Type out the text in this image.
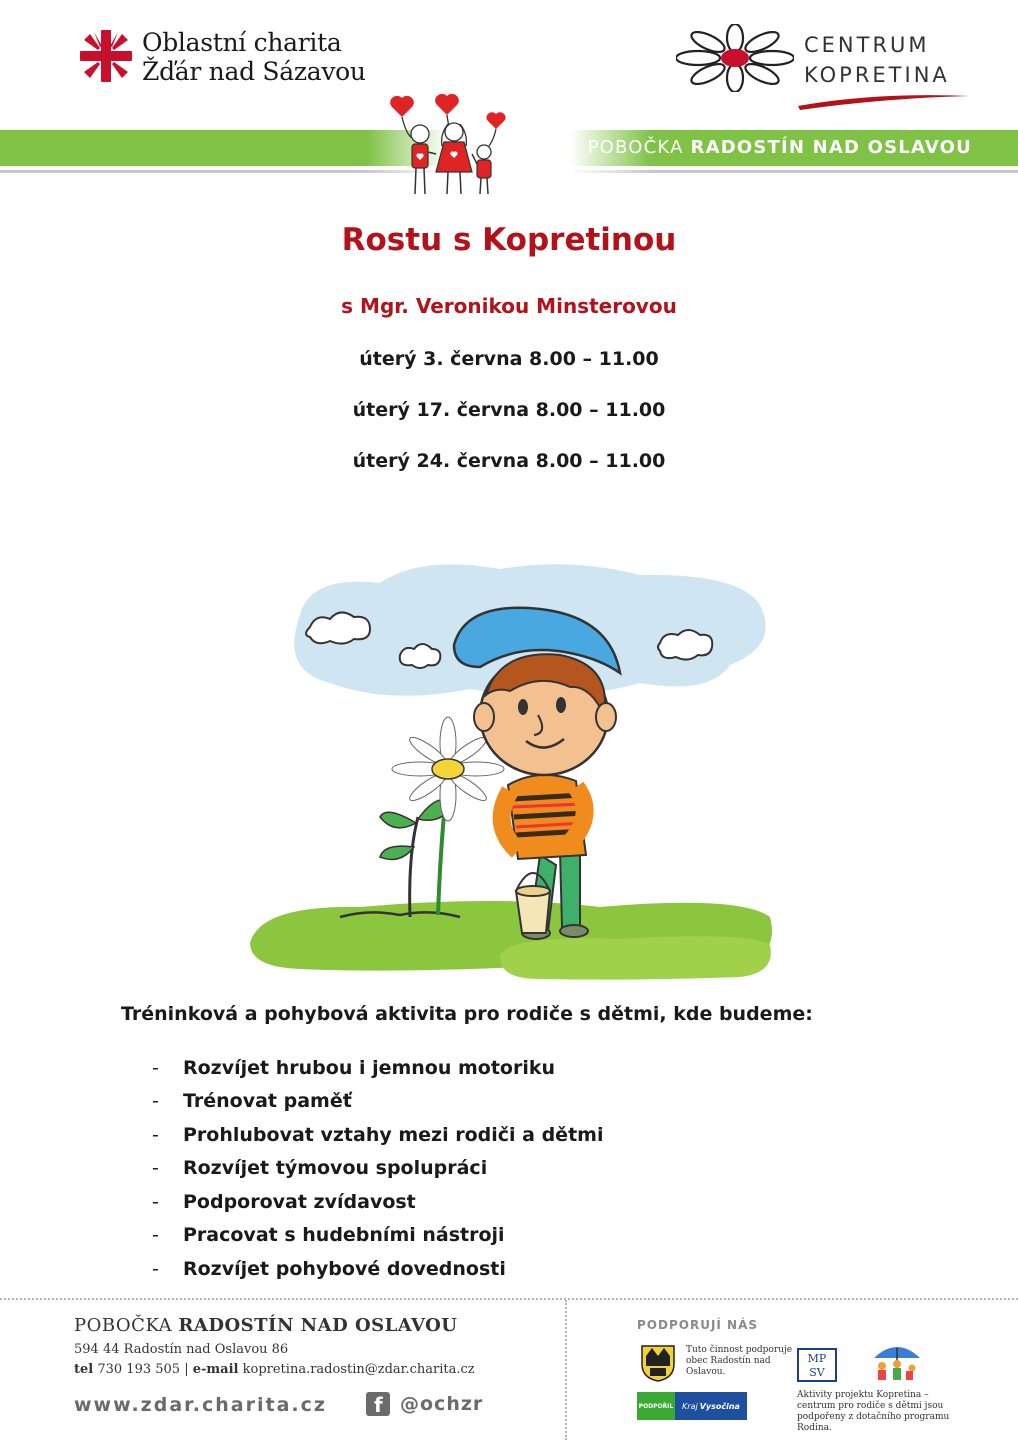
Oblastní charita
Žďár nad Sázavou
CENTRUM
KOPRETINA
POBOČKA RADOSTÍN NAD OSLAVOU
Rostu s Kopretinou
s Mgr. Veronikou Minsterovou
úterý 3. června 8.00 – 11.00
úterý 17. června 8.00 – 11.00
úterý 24. června 8.00 – 11.00
Tréninková a pohybová aktivita pro rodiče s dětmi, kde budeme:
-	Rozvíjet hrubou i jemnou motoriku
-	Trénovat paměť
-	Prohlubovat vztahy mezi rodiči a dětmi
-	Rozvíjet týmovou spolupráci
-	Podporovat zvídavost
-	Pracovat s hudebními nástroji
-	Rozvíjet pohybové dovednosti
POBOČKA RADOSTÍN NAD OSLAVOU
594 44 Radostín nad Oslavou 86
tel 730 193 505 | e-mail kopretina.radostin@zdar.charita.cz
www.zdar.charita.cz
f	@ochzr
PODPORUJÍ NÁS
Tuto činnost podporuje obec Radostín nad Oslavou.
MP
SV
PODPOŘIL Kraj Vysočina
Aktivity projektu Kopretina – centrum pro rodiče s dětmi jsou podpořeny z dotačního programu Rodina.
